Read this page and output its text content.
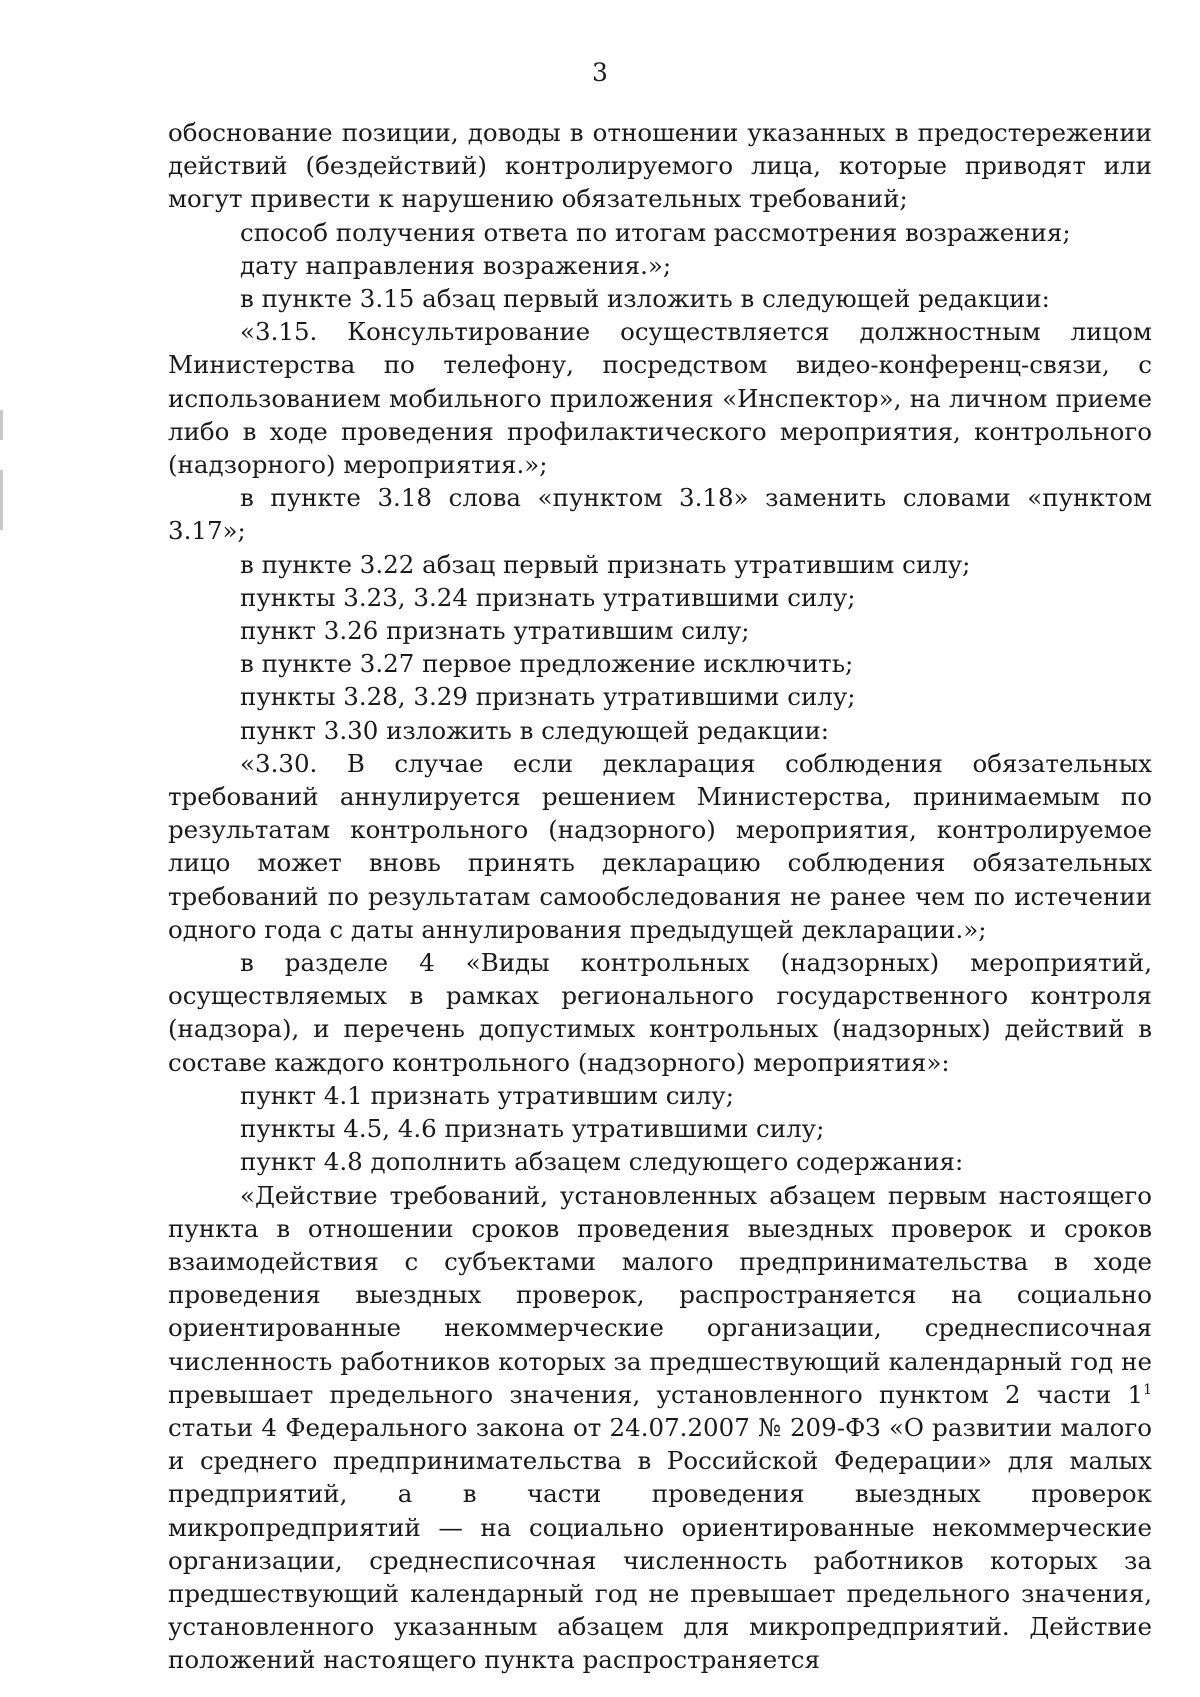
3

обоснование позиции, доводы в отношении указанных в предостережении действий (бездействий) контролируемого лица, которые приводят или могут привести к нарушению обязательных требований;

способ получения ответа по итогам рассмотрения возражения;

дату направления возражения.»;

в пункте 3.15 абзац первый изложить в следующей редакции:

«3.15. Консультирование осуществляется должностным лицом Министерства по телефону, посредством видео-конференц-связи, с использованием мобильного приложения «Инспектор», на личном приеме либо в ходе проведения профилактического мероприятия, контрольного (надзорного) мероприятия.»;

в пункте 3.18 слова «пунктом 3.18» заменить словами «пунктом 3.17»;

в пункте 3.22 абзац первый признать утратившим силу;

пункты 3.23, 3.24 признать утратившими силу;

пункт 3.26 признать утратившим силу;

в пункте 3.27 первое предложение исключить;

пункты 3.28, 3.29 признать утратившими силу;

пункт 3.30 изложить в следующей редакции:

«3.30. В случае если декларация соблюдения обязательных требований аннулируется решением Министерства, принимаемым по результатам контрольного (надзорного) мероприятия, контролируемое лицо может вновь принять декларацию соблюдения обязательных требований по результатам самообследования не ранее чем по истечении одного года с даты аннулирования предыдущей декларации.»;

в разделе 4 «Виды контрольных (надзорных) мероприятий, осуществляемых в рамках регионального государственного контроля (надзора), и перечень допустимых контрольных (надзорных) действий в составе каждого контрольного (надзорного) мероприятия»:

пункт 4.1 признать утратившим силу;

пункты 4.5, 4.6 признать утратившими силу;

пункт 4.8 дополнить абзацем следующего содержания:

«Действие требований, установленных абзацем первым настоящего пункта в отношении сроков проведения выездных проверок и сроков взаимодействия с субъектами малого предпринимательства в ходе проведения выездных проверок, распространяется на социально ориентированные некоммерческие организации, среднесписочная численность работников которых за предшествующий календарный год не превышает предельного значения, установленного пунктом 2 части $1^1$ статьи 4 Федерального закона от 24.07.2007 № 209-ФЗ «О развитии малого и среднего предпринимательства в Российской Федерации» для малых предприятий, а в части проведения выездных проверок микропредприятий — на социально ориентированные некоммерческие организации, среднесписочная численность работников которых за предшествующий календарный год не превышает предельного значения, установленного указанным абзацем для микропредприятий. Действие положений настоящего пункта распространяется
